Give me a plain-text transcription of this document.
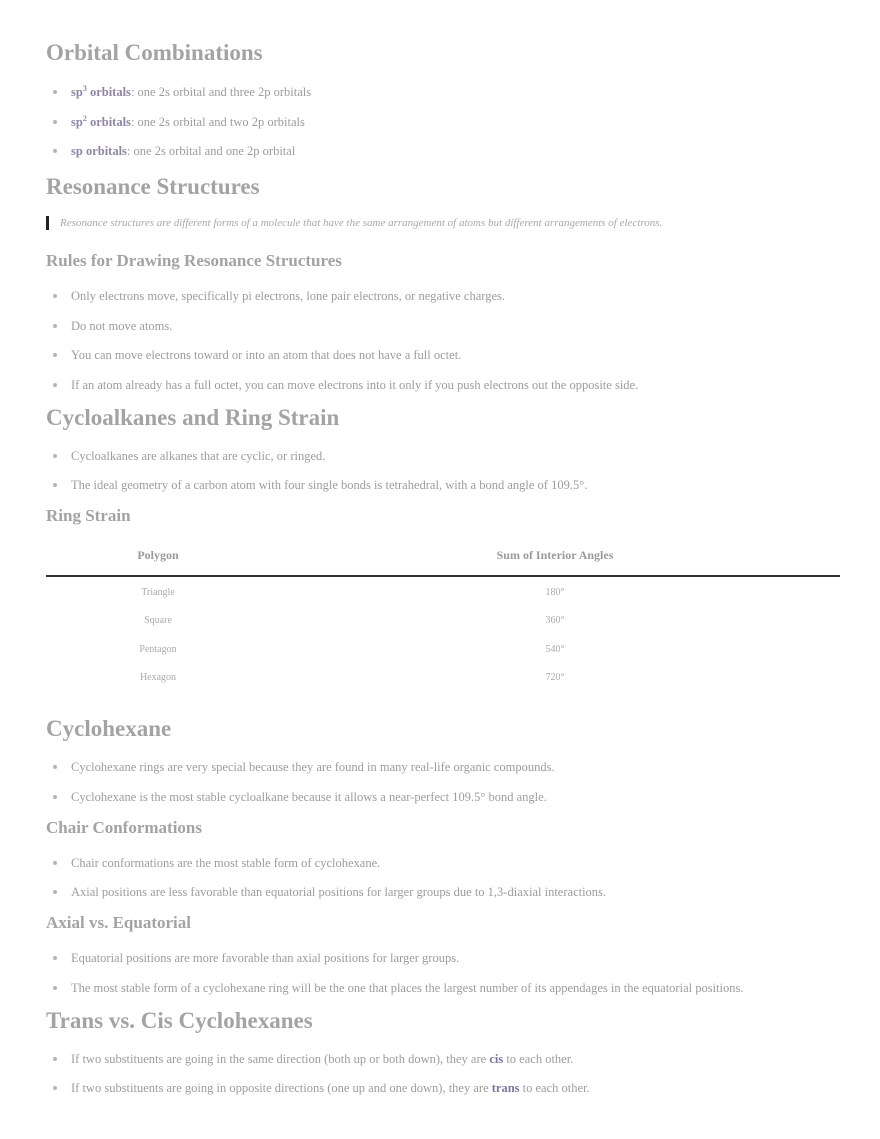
Orbital Combinations
$sp^3$ orbitals: one 2s orbital and three 2p orbitals
$sp^2$ orbitals: one 2s orbital and two 2p orbitals
sp orbitals: one 2s orbital and one 2p orbital
Resonance Structures
Resonance structures are different forms of a molecule that have the same arrangement of atoms but different arrangements of electrons.
Rules for Drawing Resonance Structures
Only electrons move, specifically pi electrons, lone pair electrons, or negative charges.
Do not move atoms.
You can move electrons toward or into an atom that does not have a full octet.
If an atom already has a full octet, you can move electrons into it only if you push electrons out the opposite side.
Cycloalkanes and Ring Strain
Cycloalkanes are alkanes that are cyclic, or ringed.
The ideal geometry of a carbon atom with four single bonds is tetrahedral, with a bond angle of 109.5°.
Ring Strain
Polygon	Sum of Interior Angles
Triangle	180°
Square	360°
Pentagon	540°
Hexagon	720°
Cyclohexane
Cyclohexane rings are very special because they are found in many real-life organic compounds.
Cyclohexane is the most stable cycloalkane because it allows a near-perfect 109.5° bond angle.
Chair Conformations
Chair conformations are the most stable form of cyclohexane.
Axial positions are less favorable than equatorial positions for larger groups due to 1,3-diaxial interactions.
Axial vs. Equatorial
Equatorial positions are more favorable than axial positions for larger groups.
The most stable form of a cyclohexane ring will be the one that places the largest number of its appendages in the equatorial positions.
Trans vs. Cis Cyclohexanes
If two substituents are going in the same direction (both up or both down), they are cis to each other.
If two substituents are going in opposite directions (one up and one down), they are trans to each other.
